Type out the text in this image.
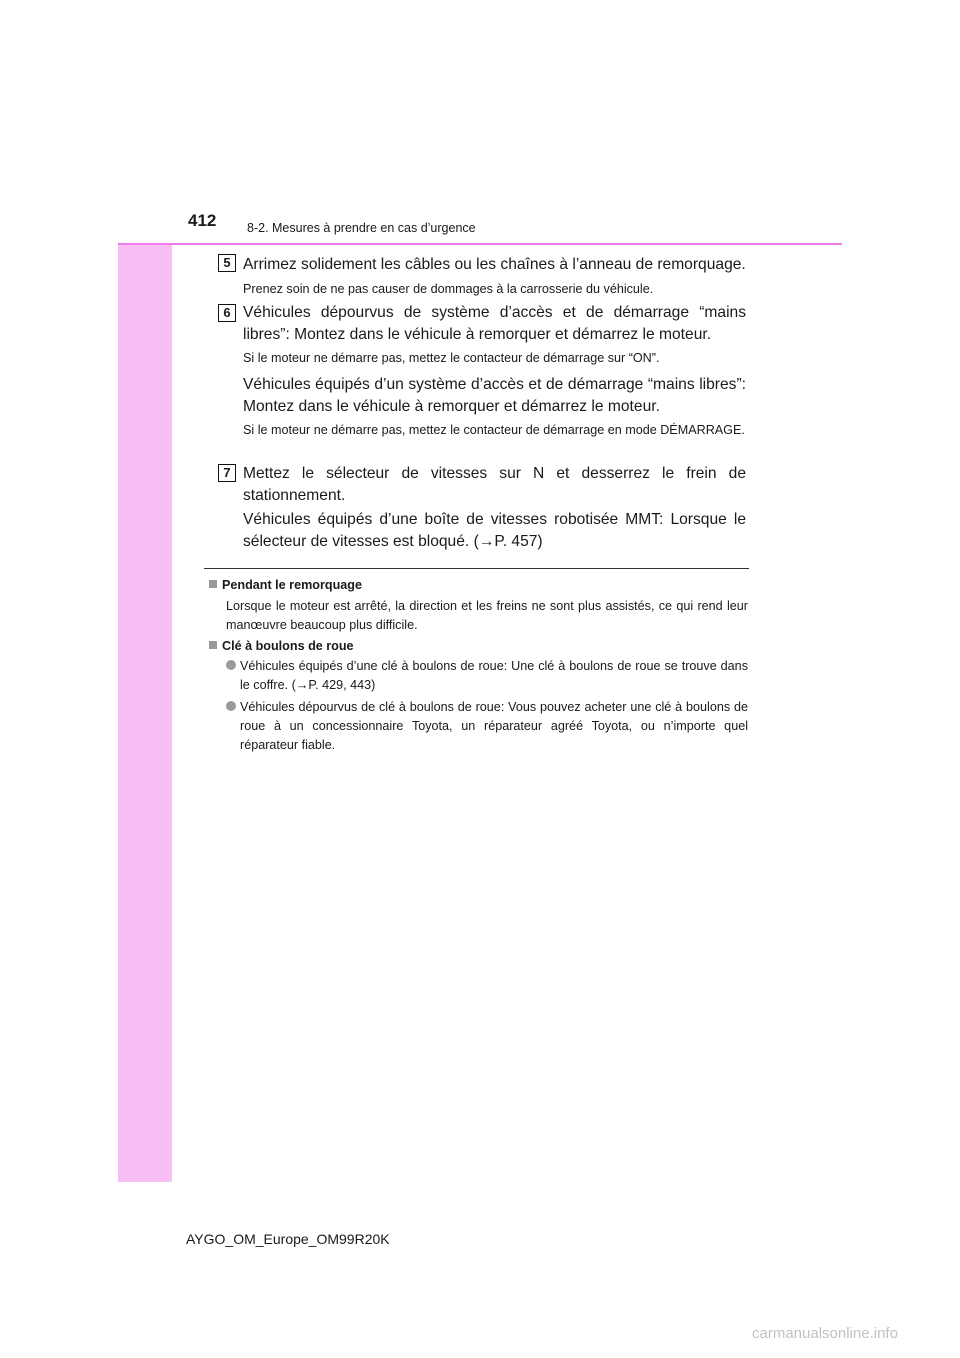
412 8-2. Mesures à prendre en cas d’urgence
5 Arrimez solidement les câbles ou les chaînes à l’anneau de remorquage.
Prenez soin de ne pas causer de dommages à la carrosserie du véhicule.
6 Véhicules dépourvus de système d’accès et de démarrage “mains libres”: Montez dans le véhicule à remorquer et démarrez le moteur.
Si le moteur ne démarre pas, mettez le contacteur de démarrage sur “ON”.
Véhicules équipés d’un système d’accès et de démarrage “mains libres”: Montez dans le véhicule à remorquer et démarrez le moteur.
Si le moteur ne démarre pas, mettez le contacteur de démarrage en mode DÉMARRAGE.
7 Mettez le sélecteur de vitesses sur N et desserrez le frein de stationnement.
Véhicules équipés d’une boîte de vitesses robotisée MMT: Lorsque le sélecteur de vitesses est bloqué. (→P. 457)
Pendant le remorquage
Lorsque le moteur est arrêté, la direction et les freins ne sont plus assistés, ce qui rend leur manœuvre beaucoup plus difficile.
Clé à boulons de roue
Véhicules équipés d’une clé à boulons de roue: Une clé à boulons de roue se trouve dans le coffre. (→P. 429, 443)
Véhicules dépourvus de clé à boulons de roue: Vous pouvez acheter une clé à boulons de roue à un concessionnaire Toyota, un réparateur agréé Toyota, ou n’importe quel réparateur fiable.
AYGO_OM_Europe_OM99R20K
carmanualsonline.info
